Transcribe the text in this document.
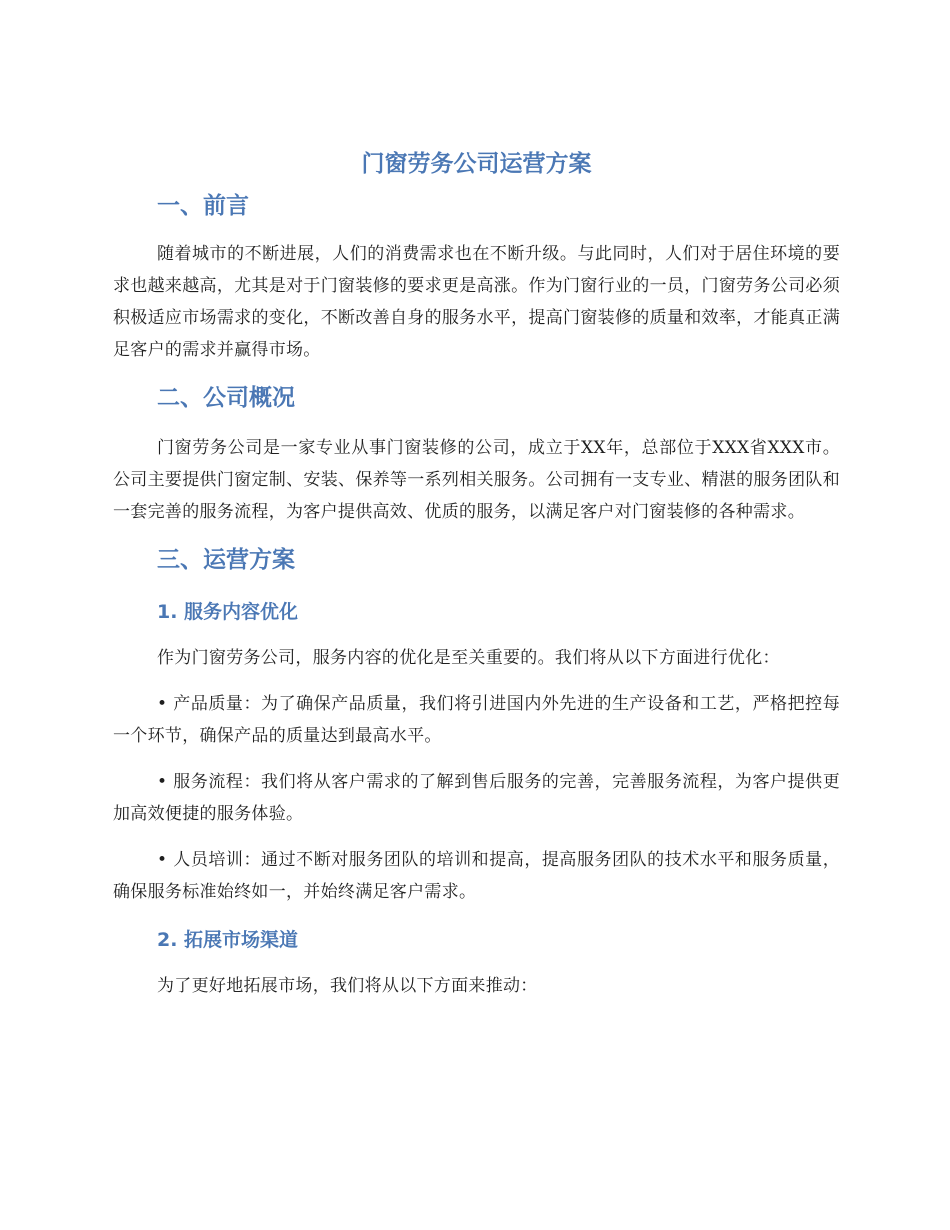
门窗劳务公司运营方案
一、前言

随着城市的不断进展，人们的消费需求也在不断升级。与此同时，人们对于居住环境的要求也越来越高，尤其是对于门窗装修的要求更是高涨。作为门窗行业的一员，门窗劳务公司必须积极适应市场需求的变化，不断改善自身的服务水平，提高门窗装修的质量和效率，才能真正满足客户的需求并赢得市场。

二、公司概况

门窗劳务公司是一家专业从事门窗装修的公司，成立于XX年，总部位于XXX省XXX市。公司主要提供门窗定制、安装、保养等一系列相关服务。公司拥有一支专业、精湛的服务团队和一套完善的服务流程，为客户提供高效、优质的服务，以满足客户对门窗装修的各种需求。

三、运营方案
1. 服务内容优化

作为门窗劳务公司，服务内容的优化是至关重要的。我们将从以下方面进行优化：

• 产品质量：为了确保产品质量，我们将引进国内外先进的生产设备和工艺，严格把控每一个环节，确保产品的质量达到最高水平。

• 服务流程：我们将从客户需求的了解到售后服务的完善，完善服务流程，为客户提供更加高效便捷的服务体验。

• 人员培训：通过不断对服务团队的培训和提高，提高服务团队的技术水平和服务质量，确保服务标准始终如一，并始终满足客户需求。

2. 拓展市场渠道

为了更好地拓展市场，我们将从以下方面来推动：
